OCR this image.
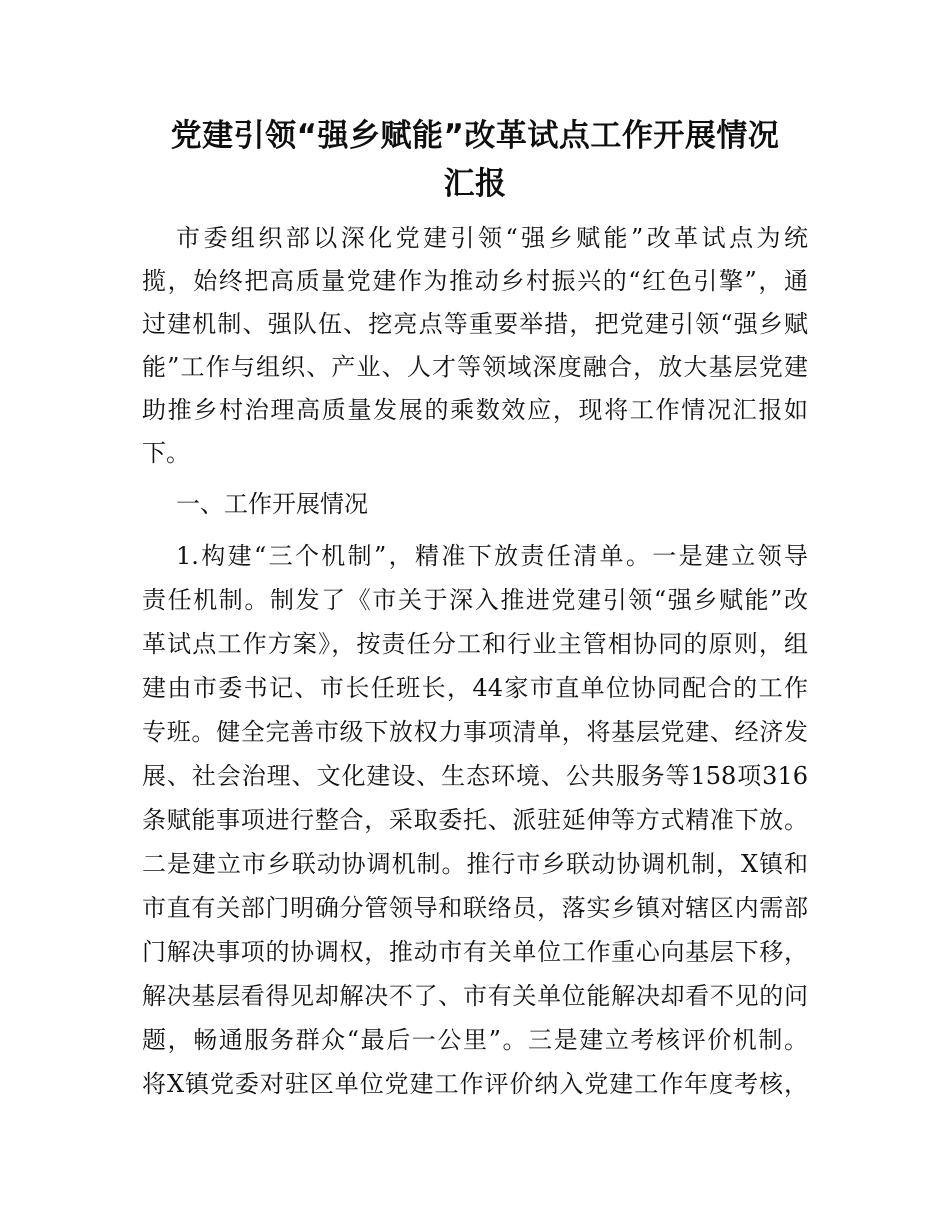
党建引领“强乡赋能”改革试点工作开展情况
汇报
市委组织部以深化党建引领“强乡赋能”改革试点为统
揽，始终把高质量党建作为推动乡村振兴的“红色引擎”，通
过建机制、强队伍、挖亮点等重要举措，把党建引领“强乡赋
能”工作与组织、产业、人才等领域深度融合，放大基层党建
助推乡村治理高质量发展的乘数效应，现将工作情况汇报如
下。
一、工作开展情况
1.构建“三个机制”，精准下放责任清单。一是建立领导
责任机制。制发了《市关于深入推进党建引领“强乡赋能”改
革试点工作方案》，按责任分工和行业主管相协同的原则，组
建由市委书记、市长任班长，44家市直单位协同配合的工作
专班。健全完善市级下放权力事项清单，将基层党建、经济发
展、社会治理、文化建设、生态环境、公共服务等158项316
条赋能事项进行整合，采取委托、派驻延伸等方式精准下放。
二是建立市乡联动协调机制。推行市乡联动协调机制，X镇和
市直有关部门明确分管领导和联络员，落实乡镇对辖区内需部
门解决事项的协调权，推动市有关单位工作重心向基层下移，
解决基层看得见却解决不了、市有关单位能解决却看不见的问
题，畅通服务群众“最后一公里”。三是建立考核评价机制。
将X镇党委对驻区单位党建工作评价纳入党建工作年度考核，
